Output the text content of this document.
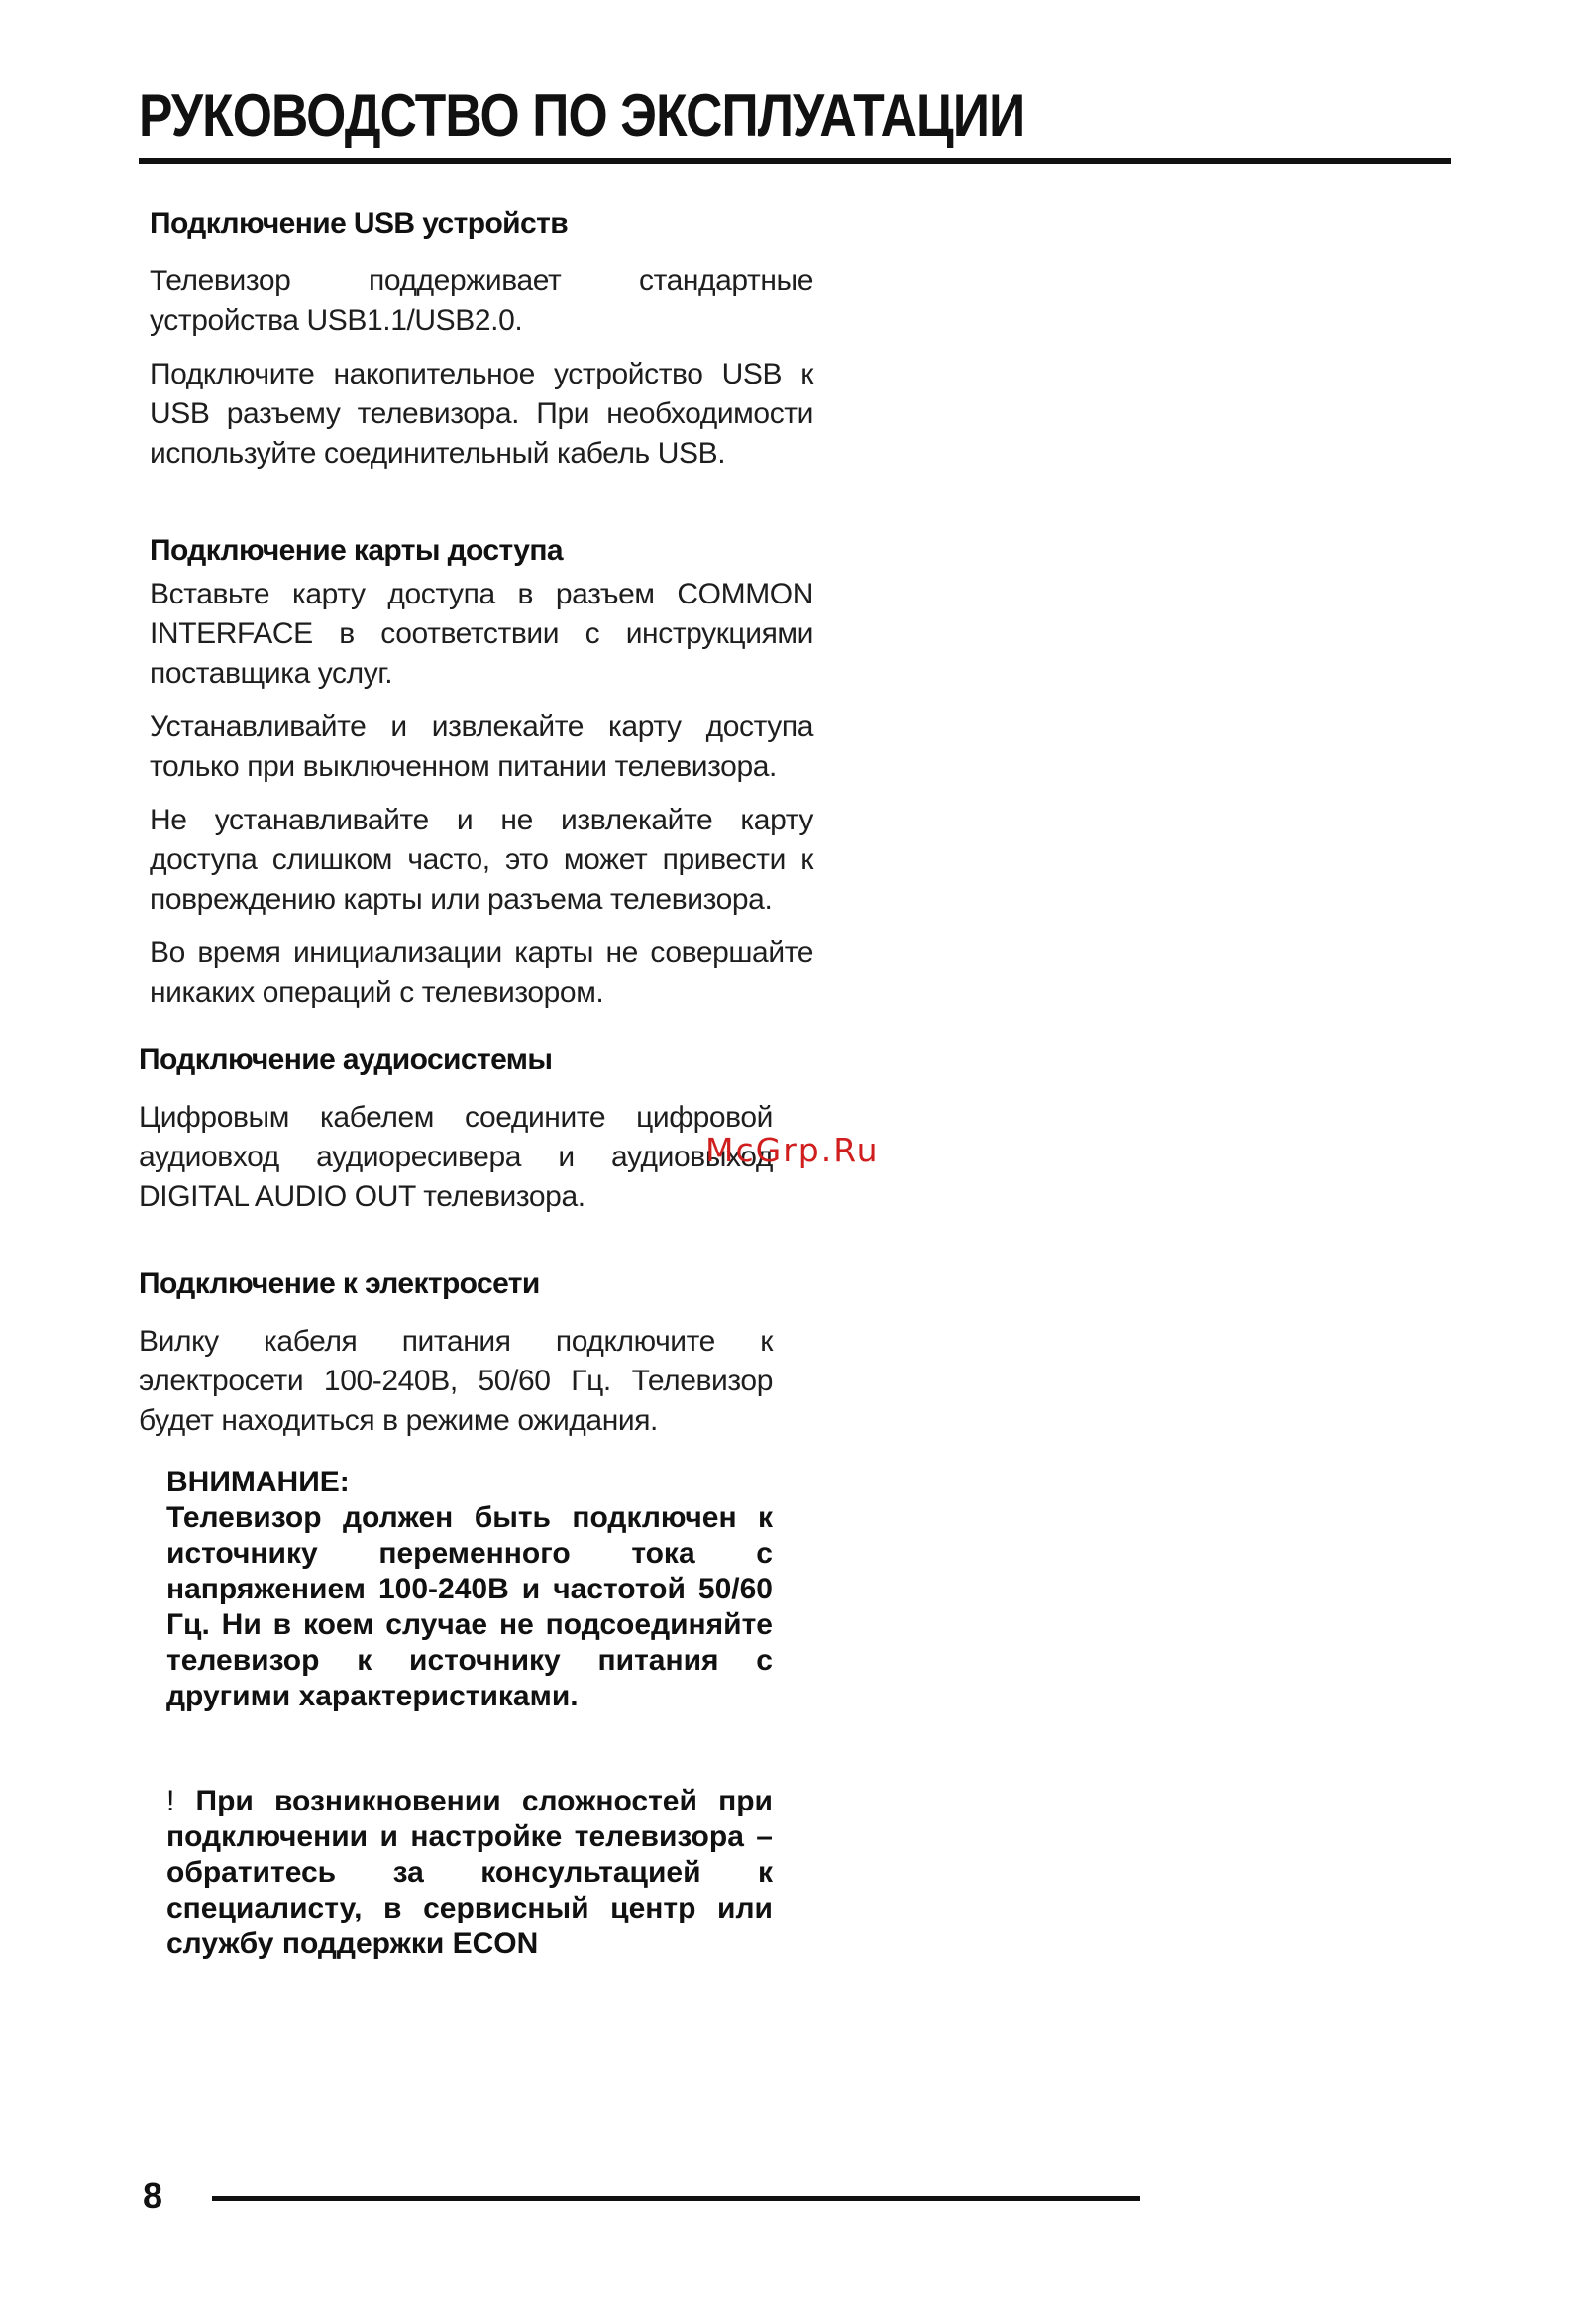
РУКОВОДСТВО ПО ЭКСПЛУАТАЦИИ
Подключение USB устройств

Телевизор поддерживает стандартные устройства USB1.1/USB2.0.

Подключите накопительное устройство USB к USB разъему телевизора. При необходимости используйте соединительный кабель USB.

Подключение карты доступа

Вставьте карту доступа в разъем COMMON INTERFACE в соответствии с инструкциями поставщика услуг.

Устанавливайте и извлекайте карту доступа только при выключенном питании телевизора.

Не устанавливайте и не извлекайте карту доступа слишком часто, это может привести к повреждению карты или разъема телевизора.

Во время инициализации карты не совершайте никаких операций с телевизором.

Подключение аудиосистемы

Цифровым кабелем соедините цифровой аудиовход аудиоресивера и аудиовыход DIGITAL AUDIO OUT телевизора.

Подключение к электросети

Вилку кабеля питания подключите к электросети 100-240В, 50/60 Гц. Телевизор будет находиться в режиме ожидания.

ВНИМАНИЕ:

Телевизор должен быть подключен к источнику переменного тока с напряжением 100-240В и частотой 50/60 Гц. Ни в коем случае не подсоединяйте телевизор к источнику питания с другими характеристиками.

! При возникновении сложностей при подключении и настройке телевизора – обратитесь за консультацией к специалисту, в сервисный центр или службу поддержки ECON
McGrp.Ru
8
